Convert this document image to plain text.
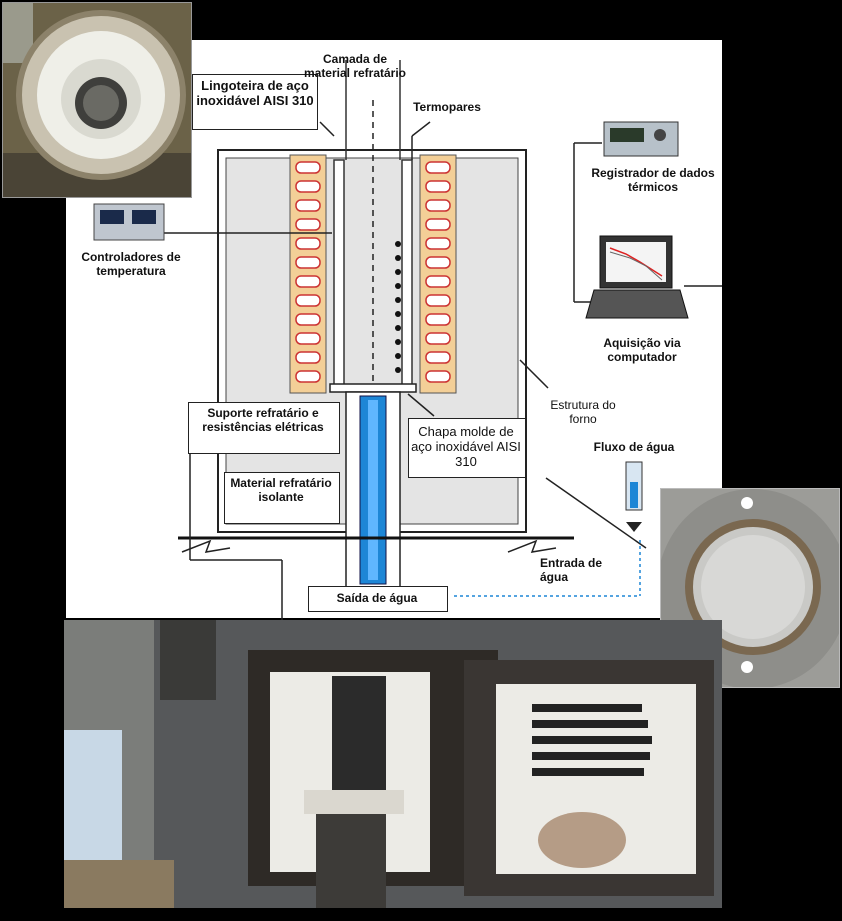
Lingoteira de aço inoxidável AISI 310
Camada de material refratário
Termopares
Registrador de dados térmicos
Controladores de temperatura
Aquisição via computador
Estrutura do forno
Suporte refratário e resistências elétricas	Chapa molde de aço inoxidável AISI 310
Fluxo de água
Material refratário isolante
Entrada de água
Saída de água
